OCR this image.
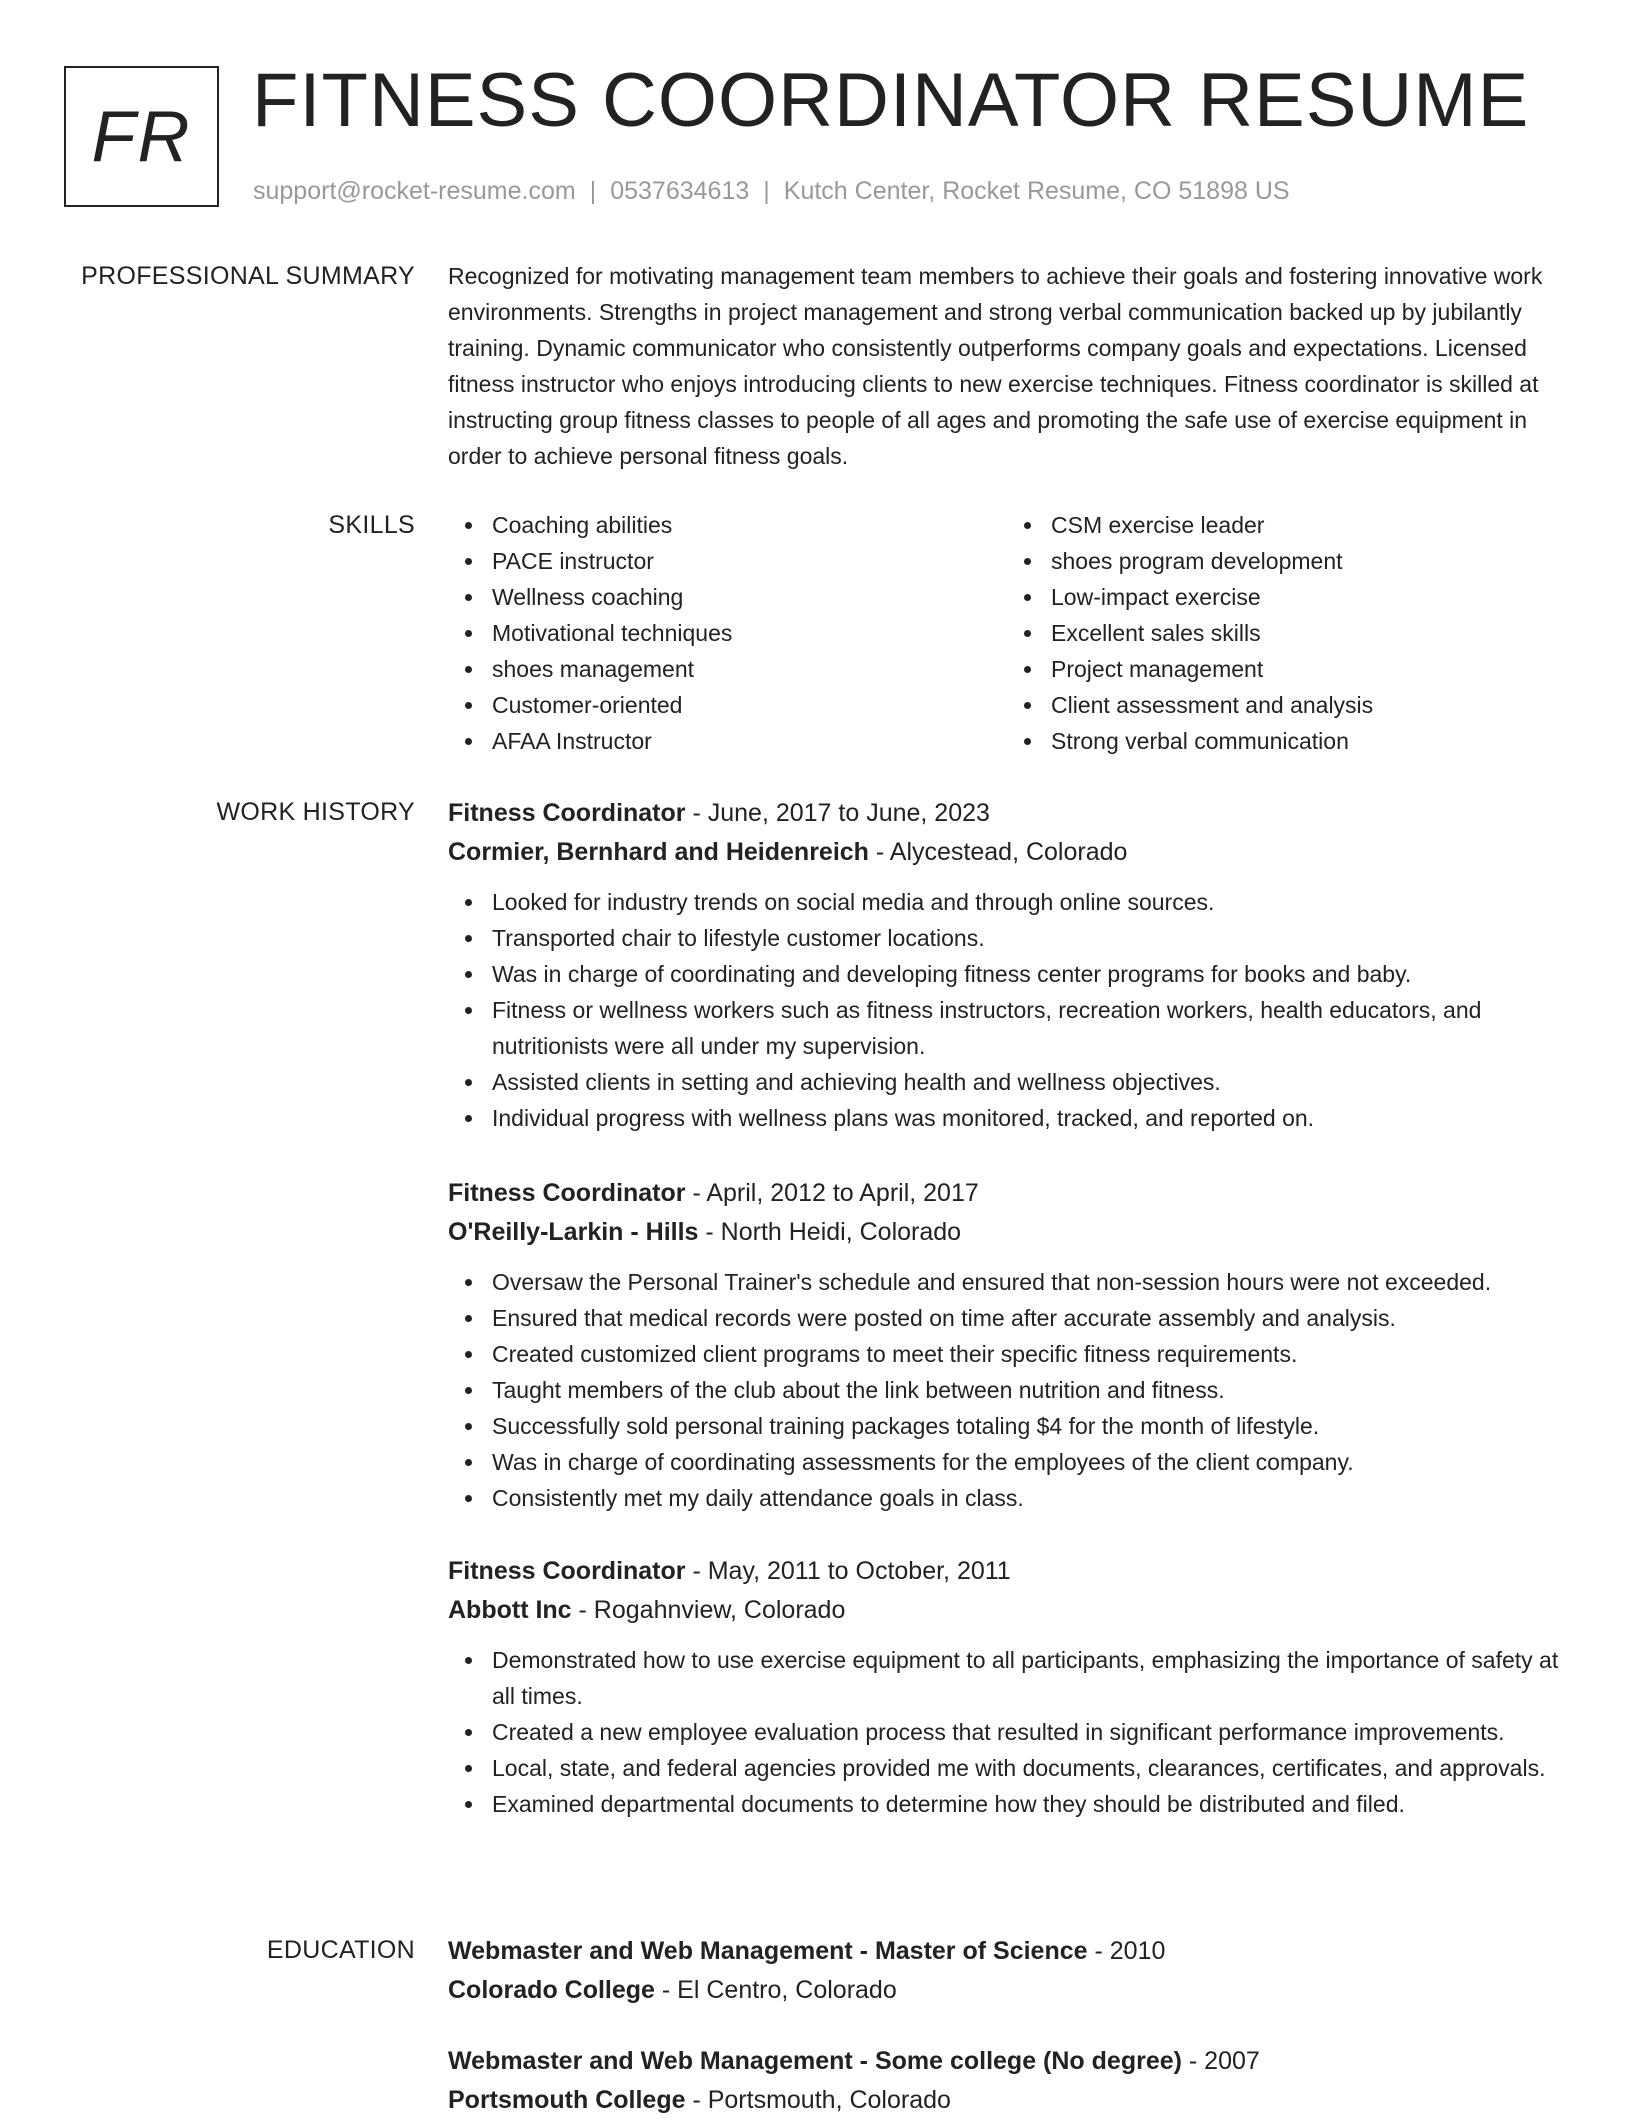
FR FITNESS COORDINATOR RESUME
support@rocket-resume.com | 0537634613 | Kutch Center, Rocket Resume, CO 51898 US
PROFESSIONAL SUMMARY Recognized for motivating management team members to achieve their goals and fostering innovative work environments. Strengths in project management and strong verbal communication backed up by jubilantly training. Dynamic communicator who consistently outperforms company goals and expectations. Licensed fitness instructor who enjoys introducing clients to new exercise techniques. Fitness coordinator is skilled at instructing group fitness classes to people of all ages and promoting the safe use of exercise equipment in order to achieve personal fitness goals.

SKILLS	Coaching abilities
PACE instructor
Wellness coaching
Motivational techniques
shoes management
Customer-oriented
AFAA Instructor
CSM exercise leader
shoes program development
Low-impact exercise
Excellent sales skills
Project management
Client assessment and analysis
Strong verbal communication
WORK HISTORY Fitness Coordinator - June, 2017 to June, 2023
Cormier, Bernhard and Heidenreich - Alycestead, Colorado
Looked for industry trends on social media and through online sources.
Transported chair to lifestyle customer locations.
Was in charge of coordinating and developing fitness center programs for books and baby.
Fitness or wellness workers such as fitness instructors, recreation workers, health educators, and nutritionists were all under my supervision.
Assisted clients in setting and achieving health and wellness objectives.
Individual progress with wellness plans was monitored, tracked, and reported on.
Fitness Coordinator - April, 2012 to April, 2017
O'Reilly-Larkin - Hills - North Heidi, Colorado
Oversaw the Personal Trainer's schedule and ensured that non-session hours were not exceeded.
Ensured that medical records were posted on time after accurate assembly and analysis.
Created customized client programs to meet their specific fitness requirements.
Taught members of the club about the link between nutrition and fitness.
Successfully sold personal training packages totaling $4 for the month of lifestyle.
Was in charge of coordinating assessments for the employees of the client company.
Consistently met my daily attendance goals in class.
Fitness Coordinator - May, 2011 to October, 2011
Abbott Inc - Rogahnview, Colorado
Demonstrated how to use exercise equipment to all participants, emphasizing the importance of safety at all times.
Created a new employee evaluation process that resulted in significant performance improvements.
Local, state, and federal agencies provided me with documents, clearances, certificates, and approvals.
Examined departmental documents to determine how they should be distributed and filed.
EDUCATION Webmaster and Web Management - Master of Science - 2010
Colorado College - El Centro, Colorado
Webmaster and Web Management - Some college (No degree) - 2007
Portsmouth College - Portsmouth, Colorado
